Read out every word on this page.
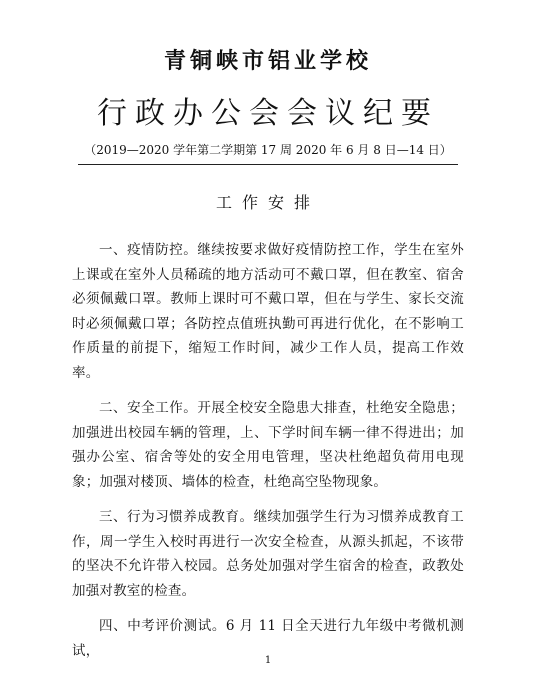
青铜峡市铝业学校
行政办公会会议纪要
（2019—2020 学年第二学期第 17 周 2020 年 6 月 8 日—14 日）
工作安排

一、疫情防控。继续按要求做好疫情防控工作，学生在室外上课或在室外人员稀疏的地方活动可不戴口罩，但在教室、宿舍必须佩戴口罩。教师上课时可不戴口罩，但在与学生、家长交流时必须佩戴口罩；各防控点值班执勤可再进行优化，在不影响工作质量的前提下，缩短工作时间，减少工作人员，提高工作效率。

二、安全工作。开展全校安全隐患大排查，杜绝安全隐患；加强进出校园车辆的管理，上、下学时间车辆一律不得进出；加强办公室、宿舍等处的安全用电管理，坚决杜绝超负荷用电现象；加强对楼顶、墙体的检查，杜绝高空坠物现象。

三、行为习惯养成教育。继续加强学生行为习惯养成教育工作，周一学生入校时再进行一次安全检查，从源头抓起，不该带的坚决不允许带入校园。总务处加强对学生宿舍的检查，政教处加强对教室的检查。

四、中考评价测试。6 月 11 日全天进行九年级中考微机测试，

1
